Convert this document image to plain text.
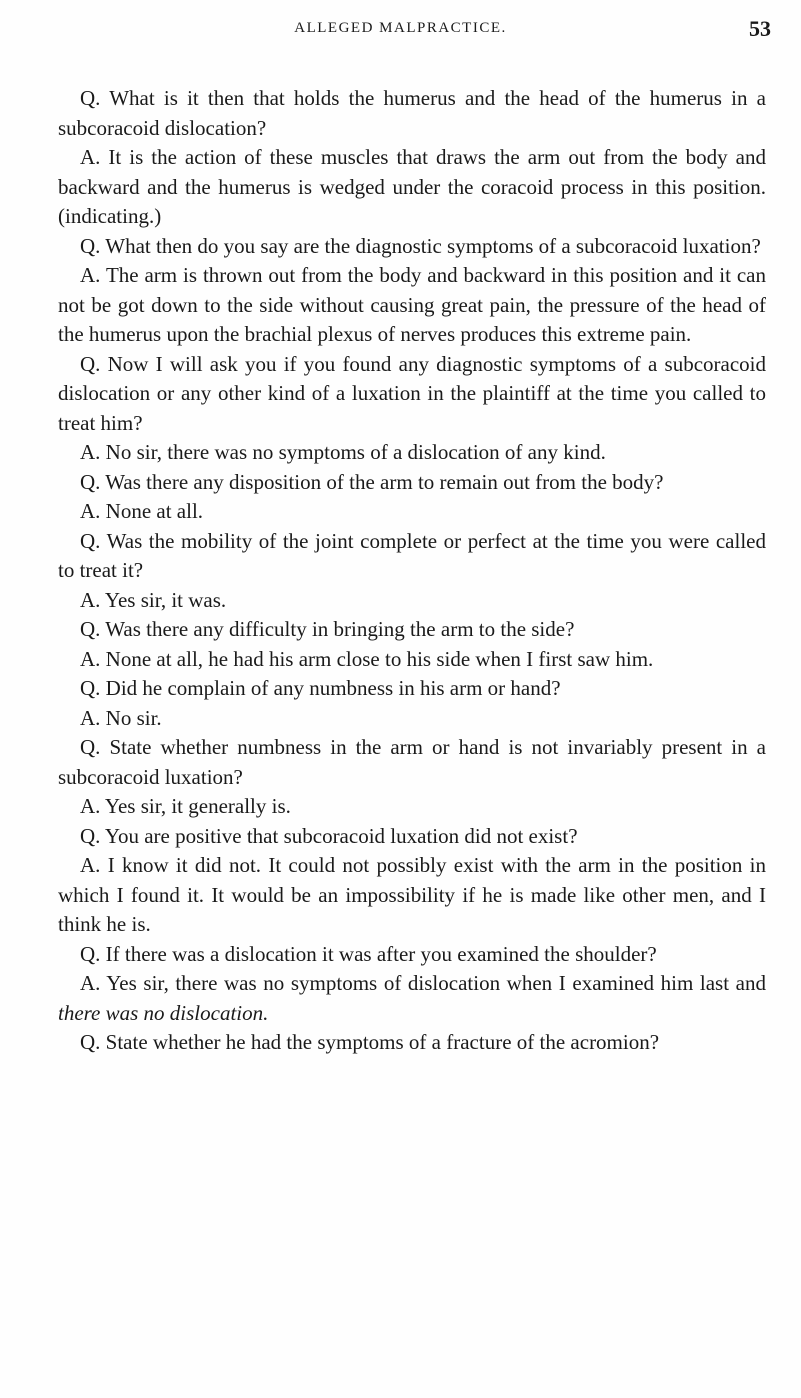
ALLEGED MALPRACTICE.	53

Q. What is it then that holds the humerus and the head of the humerus in a subcoracoid dislocation?

A. It is the action of these muscles that draws the arm out from the body and backward and the humerus is wedged under the coracoid process in this position. (indicating.)

Q. What then do you say are the diagnostic symptoms of a subcoracoid luxation?

A. The arm is thrown out from the body and backward in this position and it can not be got down to the side without causing great pain, the pressure of the head of the humerus upon the brachial plexus of nerves produces this extreme pain.

Q. Now I will ask you if you found any diagnostic symptoms of a subcoracoid dislocation or any other kind of a luxation in the plaintiff at the time you called to treat him?

A. No sir, there was no symptoms of a dislocation of any kind.

Q. Was there any disposition of the arm to remain out from the body?

A. None at all.

Q. Was the mobility of the joint complete or perfect at the time you were called to treat it?

A. Yes sir, it was.

Q. Was there any difficulty in bringing the arm to the side?

A. None at all, he had his arm close to his side when I first saw him.

Q. Did he complain of any numbness in his arm or hand?

A. No sir.

Q. State whether numbness in the arm or hand is not invariably present in a subcoracoid luxation?

A. Yes sir, it generally is.

Q. You are positive that subcoracoid luxation did not exist?

A. I know it did not. It could not possibly exist with the arm in the position in which I found it. It would be an impossibility if he is made like other men, and I think he is.

Q. If there was a dislocation it was after you examined the shoulder?

A. Yes sir, there was no symptoms of dislocation when I examined him last and there was no dislocation.

Q. State whether he had the symptoms of a fracture of the acromion?
